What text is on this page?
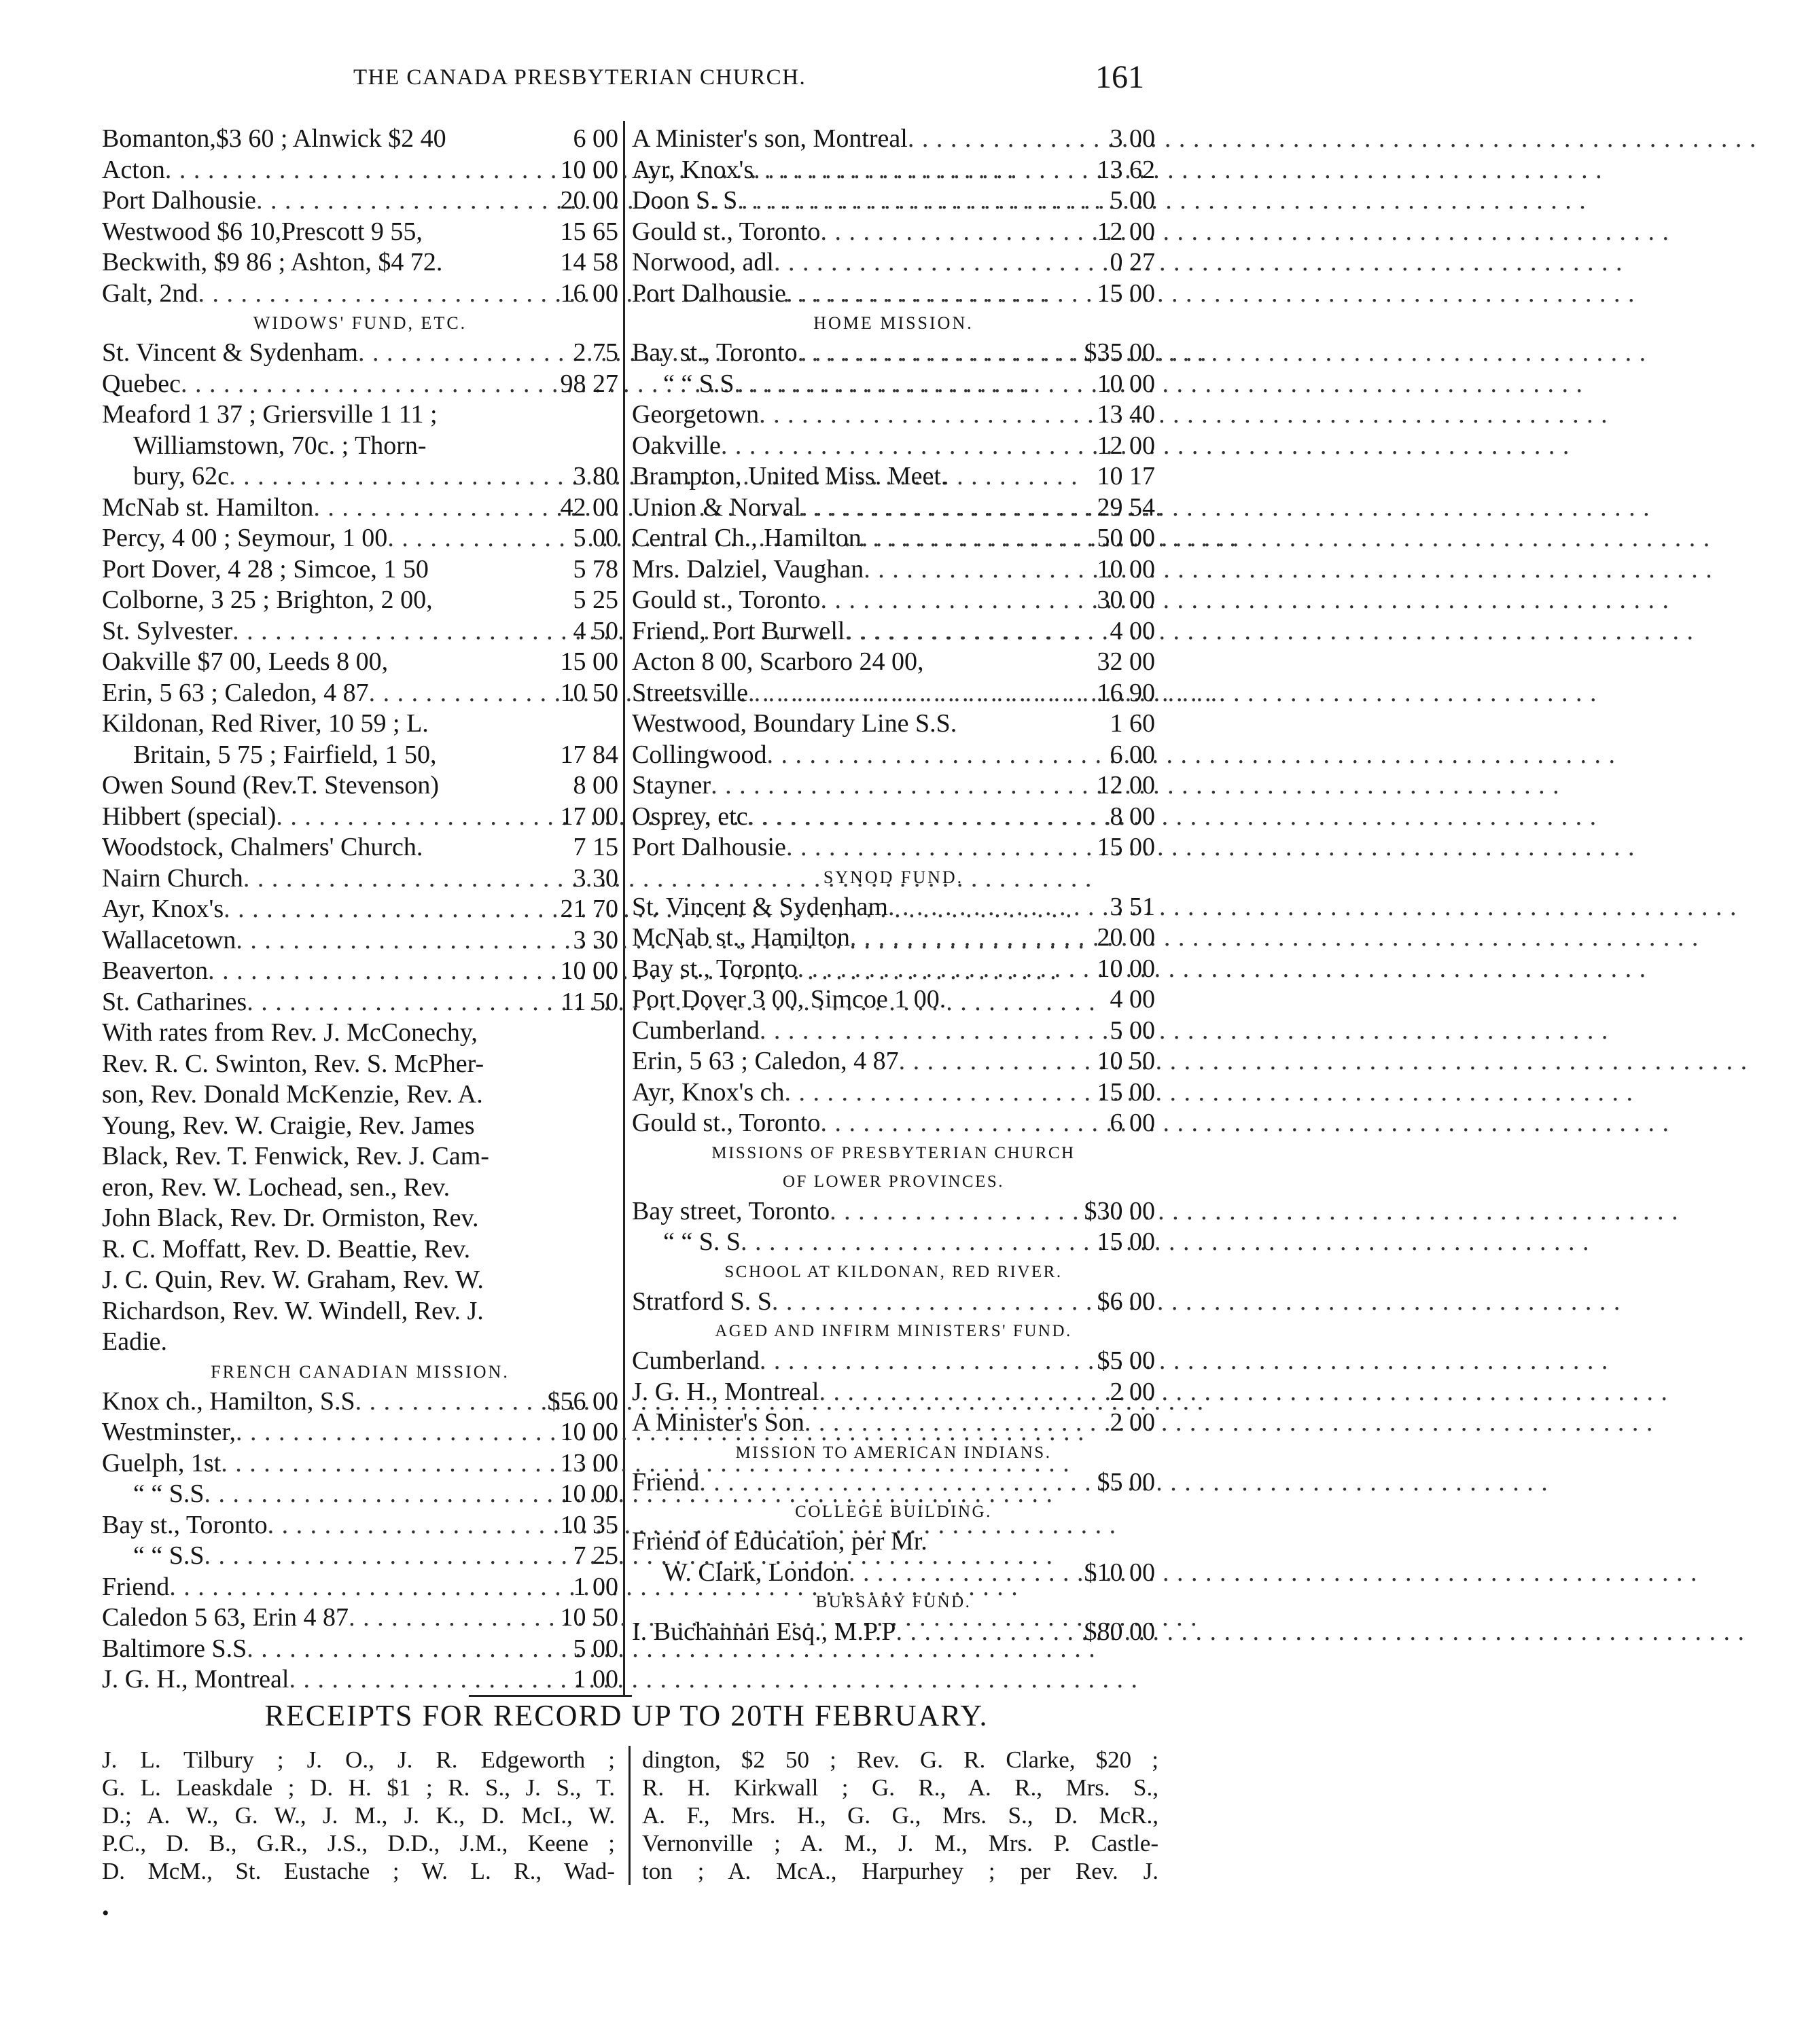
THE CANADA PRESBYTERIAN CHURCH.	161
Bomanton,$3 60 ; Alnwick $2 40	6 00
Acton . . .	10 00
Port Dalhousie . . .	20 00
Westwood $6 10,Prescott 9 55,	15 65
Beckwith, $9 86 ; Ashton, $4 72.	14 58
Galt, 2nd . . .	16 00
WIDOWS' FUND, ETC.
St. Vincent & Sydenham . . .	2 75
Quebec . . .	98 27
Meaford 1 37 ; Griersville 1 11 ;
Williamstown, 70c. ; Thorn-
bury, 62c . . .	3 80
McNab st. Hamilton . . .	42 00
Percy, 4 00 ; Seymour, 1 00 . . .	5 00
Port Dover, 4 28 ; Simcoe, 1 50	5 78
Colborne, 3 25 ; Brighton, 2 00,	5 25
St. Sylvester . . .	4 50
Oakville $7 00, Leeds 8 00,	15 00
Erin, 5 63 ; Caledon, 4 87 . . .	10 50
Kildonan, Red River, 10 59 ; L.
Britain, 5 75 ; Fairfield, 1 50,	17 84
Owen Sound (Rev.T. Stevenson)	8 00
Hibbert (special) . . .	17 00
Woodstock, Chalmers' Church.	7 15
Nairn Church . . .	3 30
Ayr, Knox's . . .	21 70
Wallacetown . . .	3 30
Beaverton . . .	10 00
St. Catharines . . .	11 50
With rates from Rev. J. McConechy,
Rev. R. C. Swinton, Rev. S. McPher-
son, Rev. Donald McKenzie, Rev. A.
Young, Rev. W. Craigie, Rev. James
Black, Rev. T. Fenwick, Rev. J. Cam-
eron, Rev. W. Lochead, sen., Rev.
John Black, Rev. Dr. Ormiston, Rev.
R. C. Moffatt, Rev. D. Beattie, Rev.
J. C. Quin, Rev. W. Graham, Rev. W.
Richardson, Rev. W. Windell, Rev. J.
Eadie.
FRENCH CANADIAN MISSION.
Knox ch., Hamilton, S.S . . .	$56 00
Westminster, . . .	10 00
Guelph, 1st . . .	13 00
“ “ S.S . . .	10 00
Bay st., Toronto . . .	10 35
“ “ S.S . . .	7 25
Friend . . .	1 00
Caledon 5 63, Erin 4 87 . . .	10 50
Baltimore S.S . . .	5 00
J. G. H., Montreal . . .	1 00
A Minister's son, Montreal . . .	3 00
Ayr, Knox's . . .	13 62
Doon S. S . . .	5 00
Gould st., Toronto . . .	12 00
Norwood, adl . . .	0 27
Port Dalhousie . . .	15 00
HOME MISSION.
Bay st., Toronto . . .	$35 00
“ “ S.S . . .	10 00
Georgetown . . .	13 40
Oakville . . .	12 00
Brampton, United Miss. Meet.	10 17
Union & Norval . . .	29 54
Central Ch., Hamilton . . .	50 00
Mrs. Dalziel, Vaughan . . .	10 00
Gould st., Toronto . . .	30 00
Friend, Port Burwell . . .	4 00
Acton 8 00, Scarboro 24 00,	32 00
Streetsville . . .	16 90
Westwood, Boundary Line S.S.	1 60
Collingwood . . .	6 00
Stayner . . .	12 00
Osprey, etc . . .	8 00
Port Dalhousie . . .	15 00
SYNOD FUND.
St. Vincent & Sydenham . . .	3 51
McNab st., Hamilton . . .	20 00
Bay st., Toronto . . .	10 00
Port Dover 3 00, Simcoe 1 00.	4 00
Cumberland . . .	5 00
Erin, 5 63 ; Caledon, 4 87 . . .	10 50
Ayr, Knox's ch . . .	15 00
Gould st., Toronto . . .	6 00
MISSIONS OF PRESBYTERIAN CHURCH
OF LOWER PROVINCES.
Bay street, Toronto . . .	$30 00
“ “ S. S . . .	15 00
SCHOOL AT KILDONAN, RED RIVER.
Stratford S. S . . .	$6 00
AGED AND INFIRM MINISTERS' FUND.
Cumberland . . .	$5 00
J. G. H., Montreal . . .	2 00
A Minister's Son . . .	2 00
MISSION TO AMERICAN INDIANS.
Friend . . .	$5 00
COLLEGE BUILDING.
Friend of Education, per Mr.
W. Clark, London . . .	$10 00
BURSARY FUND.
I. Buchannan Esq., M.P.P . . .	$80 00
RECEIPTS FOR RECORD UP TO 20TH FEBRUARY.
J. L. Tilbury ; J. O., J. R. Edgeworth ;
G. L. Leaskdale ; D. H. $1 ; R. S., J. S., T.
D.; A. W., G. W., J. M., J. K., D. McI., W.
P.C., D. B., G.R., J.S., D.D., J.M., Keene ;
D. McM., St. Eustache ; W. L. R., Wad-
dington, $2 50 ; Rev. G. R. Clarke, $20 ;
R. H. Kirkwall ; G. R., A. R., Mrs. S.,
A. F., Mrs. H., G. G., Mrs. S., D. McR.,
Vernonville ; A. M., J. M., Mrs. P. Castle-
ton ; A. McA., Harpurhey ; per Rev. J.
•
